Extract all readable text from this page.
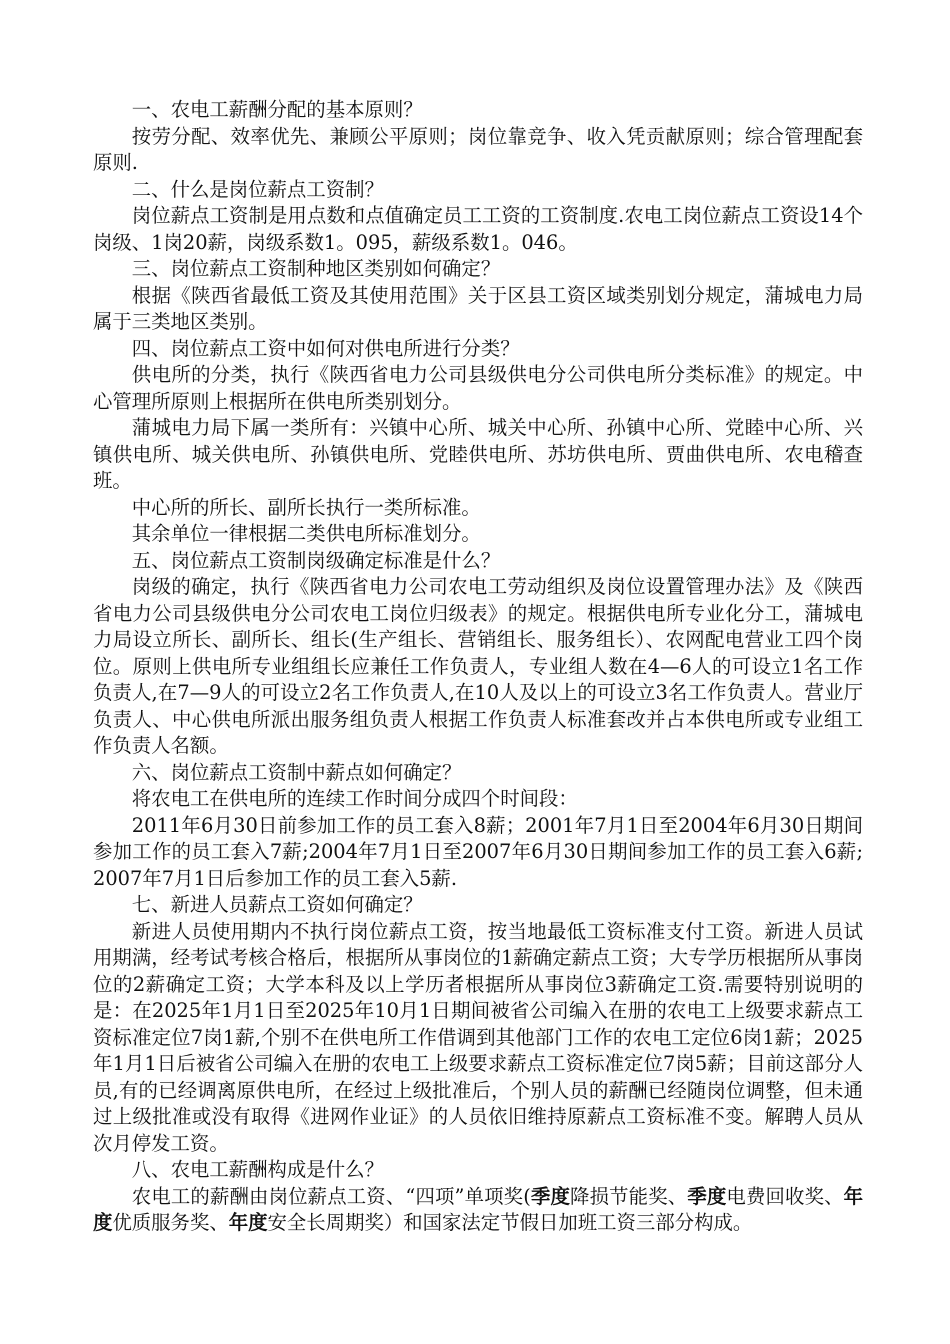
一、农电工薪酬分配的基本原则？

按劳分配、效率优先、兼顾公平原则；岗位靠竞争、收入凭贡献原则；综合管理配套原则.

二、什么是岗位薪点工资制？

岗位薪点工资制是用点数和点值确定员工工资的工资制度.农电工岗位薪点工资设14个岗级、1岗20薪，岗级系数1。095，薪级系数1。046。

三、岗位薪点工资制种地区类别如何确定？

根据《陕西省最低工资及其使用范围》关于区县工资区域类别划分规定，蒲城电力局属于三类地区类别。

四、岗位薪点工资中如何对供电所进行分类？

供电所的分类，执行《陕西省电力公司县级供电分公司供电所分类标准》的规定。中心管理所原则上根据所在供电所类别划分。

蒲城电力局下属一类所有：兴镇中心所、城关中心所、孙镇中心所、党睦中心所、兴镇供电所、城关供电所、孙镇供电所、党睦供电所、苏坊供电所、贾曲供电所、农电稽查班。

中心所的所长、副所长执行一类所标准。

其余单位一律根据二类供电所标准划分。

五、岗位薪点工资制岗级确定标准是什么？

岗级的确定，执行《陕西省电力公司农电工劳动组织及岗位设置管理办法》及《陕西省电力公司县级供电分公司农电工岗位归级表》的规定。根据供电所专业化分工，蒲城电力局设立所长、副所长、组长(生产组长、营销组长、服务组长）、农网配电营业工四个岗位。原则上供电所专业组组长应兼任工作负责人，专业组人数在4—6人的可设立1名工作负责人,在7—9人的可设立2名工作负责人,在10人及以上的可设立3名工作负责人。营业厅负责人、中心供电所派出服务组负责人根据工作负责人标准套改并占本供电所或专业组工作负责人名额。

六、岗位薪点工资制中薪点如何确定？

将农电工在供电所的连续工作时间分成四个时间段：

2011年6月30日前参加工作的员工套入8薪；2001年7月1日至2004年6月30日期间参加工作的员工套入7薪;2004年7月1日至2007年6月30日期间参加工作的员工套入6薪;2007年7月1日后参加工作的员工套入5薪.

七、新进人员薪点工资如何确定？

新进人员使用期内不执行岗位薪点工资，按当地最低工资标准支付工资。新进人员试用期满，经考试考核合格后，根据所从事岗位的1薪确定薪点工资；大专学历根据所从事岗位的2薪确定工资；大学本科及以上学历者根据所从事岗位3薪确定工资.需要特别说明的是：在2025年1月1日至2025年10月1日期间被省公司编入在册的农电工上级要求薪点工资标准定位7岗1薪,个别不在供电所工作借调到其他部门工作的农电工定位6岗1薪；2025年1月1日后被省公司编入在册的农电工上级要求薪点工资标准定位7岗5薪；目前这部分人员,有的已经调离原供电所，在经过上级批准后，个别人员的薪酬已经随岗位调整，但未通过上级批准或没有取得《进网作业证》的人员依旧维持原薪点工资标准不变。解聘人员从次月停发工资。

八、农电工薪酬构成是什么？

农电工的薪酬由岗位薪点工资、“四项”单项奖(季度降损节能奖、季度电费回收奖、年度优质服务奖、年度安全长周期奖）和国家法定节假日加班工资三部分构成。
